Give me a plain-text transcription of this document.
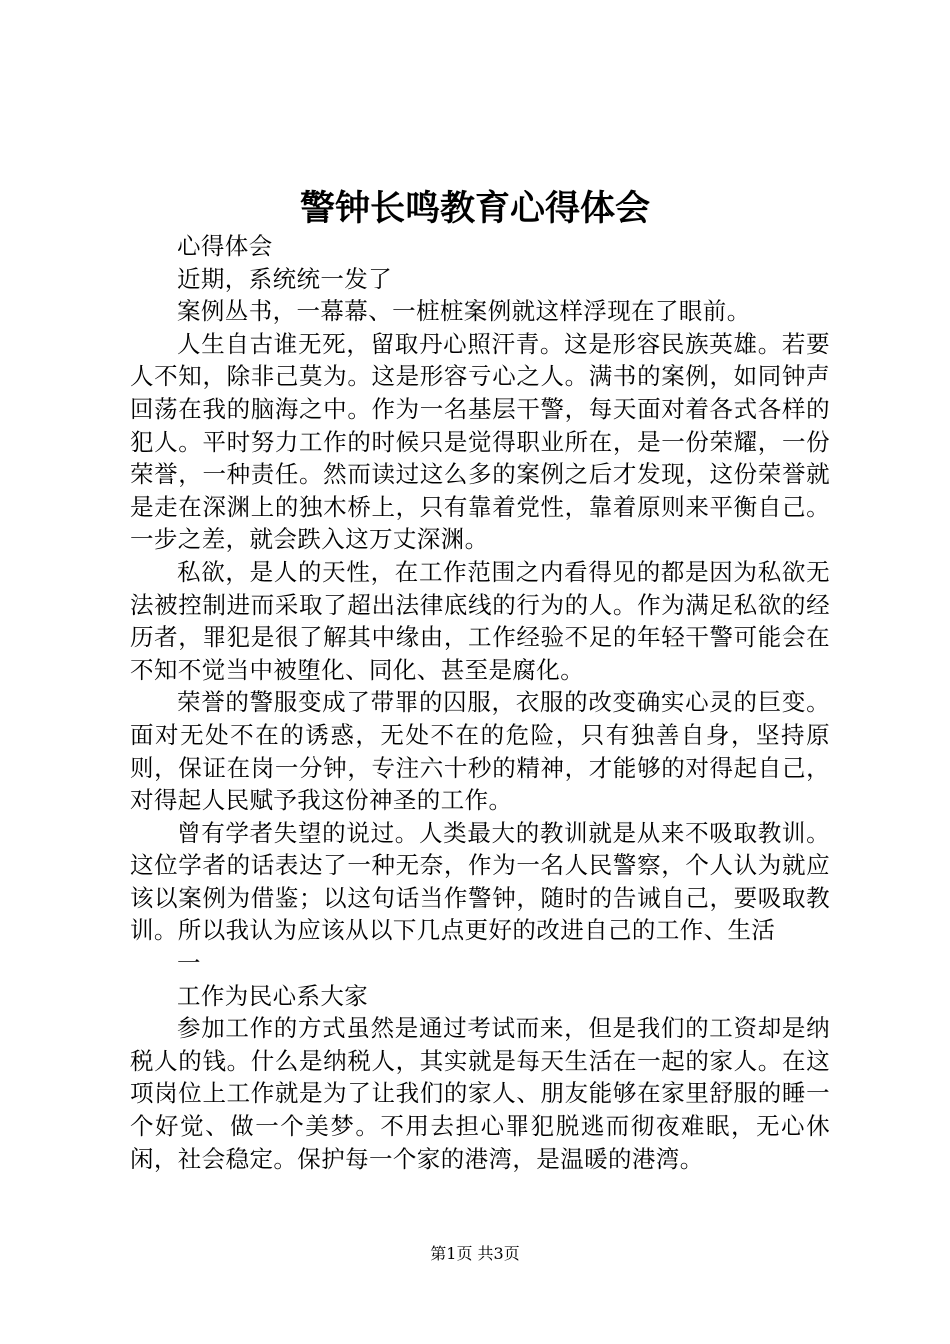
警钟长鸣教育心得体会

心得体会

近期，系统统一发了

案例丛书，一幕幕、一桩桩案例就这样浮现在了眼前。

人生自古谁无死，留取丹心照汗青。这是形容民族英雄。若要人不知，除非己莫为。这是形容亏心之人。满书的案例，如同钟声回荡在我的脑海之中。作为一名基层干警，每天面对着各式各样的犯人。平时努力工作的时候只是觉得职业所在，是一份荣耀，一份荣誉，一种责任。然而读过这么多的案例之后才发现，这份荣誉就是走在深渊上的独木桥上，只有靠着党性，靠着原则来平衡自己。一步之差，就会跌入这万丈深渊。

私欲，是人的天性，在工作范围之内看得见的都是因为私欲无法被控制进而采取了超出法律底线的行为的人。作为满足私欲的经历者，罪犯是很了解其中缘由，工作经验不足的年轻干警可能会在不知不觉当中被堕化、同化、甚至是腐化。

荣誉的警服变成了带罪的囚服，衣服的改变确实心灵的巨变。面对无处不在的诱惑，无处不在的危险，只有独善自身，坚持原则，保证在岗一分钟，专注六十秒的精神，才能够的对得起自己，对得起人民赋予我这份神圣的工作。

曾有学者失望的说过。人类最大的教训就是从来不吸取教训。这位学者的话表达了一种无奈，作为一名人民警察，个人认为就应该以案例为借鉴；以这句话当作警钟，随时的告诫自己，要吸取教训。所以我认为应该从以下几点更好的改进自己的工作、生活

一

工作为民心系大家

参加工作的方式虽然是通过考试而来，但是我们的工资却是纳税人的钱。什么是纳税人，其实就是每天生活在一起的家人。在这项岗位上工作就是为了让我们的家人、朋友能够在家里舒服的睡一个好觉、做一个美梦。不用去担心罪犯脱逃而彻夜难眠，无心休闲，社会稳定。保护每一个家的港湾，是温暖的港湾。

第1页 共3页
